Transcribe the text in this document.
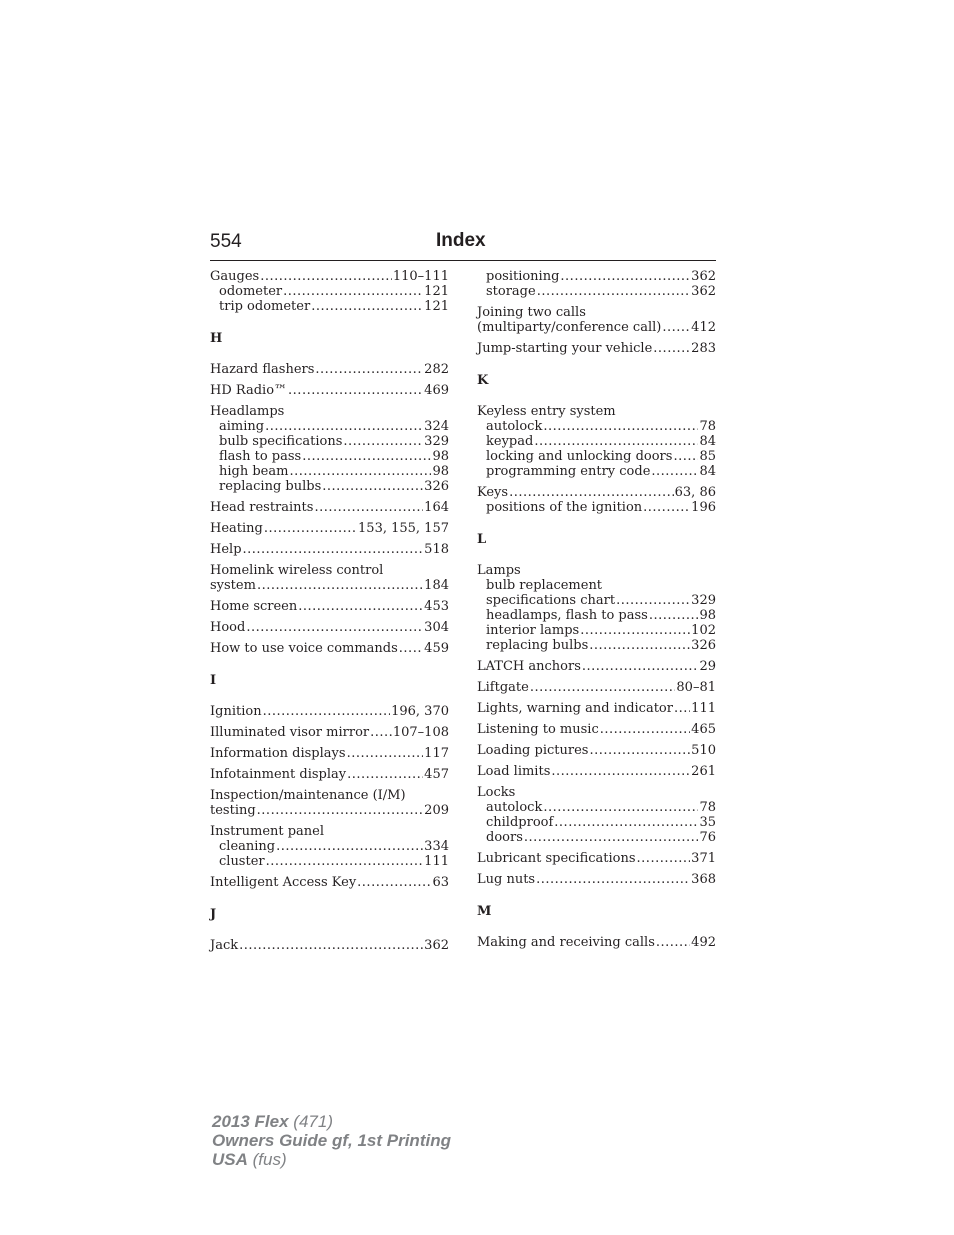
554	Index
Gauges .....	110–111
odometer .....	121
trip odometer .....	121
H
Hazard flashers .....	282
HD Radio™ .....	469
Headlamps
aiming .....	324
bulb specifications .....	329
flash to pass .....	98
high beam .....	98
replacing bulbs .....	326
Head restraints .....	164
Heating .....	153, 155, 157
Help .....	518
Homelink wireless control
system .....	184
Home screen .....	453
Hood .....	304
How to use voice commands ..... 459
I
Ignition .....	196, 370
Illuminated visor mirror ..... 107–108
Information displays .....	117
Infotainment display .....	457
Inspection/maintenance (I/M)
testing .....	209
Instrument panel
cleaning .....	334
cluster .....	111
Intelligent Access Key .....	63
J
Jack .....	362
positioning .....	362
storage .....	362
Joining two calls
(multiparty/conference call) ..... 412
Jump-starting your vehicle .....	283
K
Keyless entry system
autolock .....	78
keypad .....	84
locking and unlocking doors ..... 85
programming entry code .....	84
Keys .....	63, 86
positions of the ignition .....	196
L
Lamps
bulb replacement
specifications chart .....	329
headlamps, flash to pass .....	98
interior lamps .....	102
replacing bulbs .....	326
LATCH anchors .....	29
Liftgate .....	80–81
Lights, warning and indicator ..... 111
Listening to music .....	465
Loading pictures .....	510
Load limits .....	261
Locks
autolock .....	78
childproof .....	35
doors .....	76
Lubricant specifications .....	371
Lug nuts .....	368
M
Making and receiving calls .....	492
2013 Flex (471)
Owners Guide gf, 1st Printing
USA (fus)
